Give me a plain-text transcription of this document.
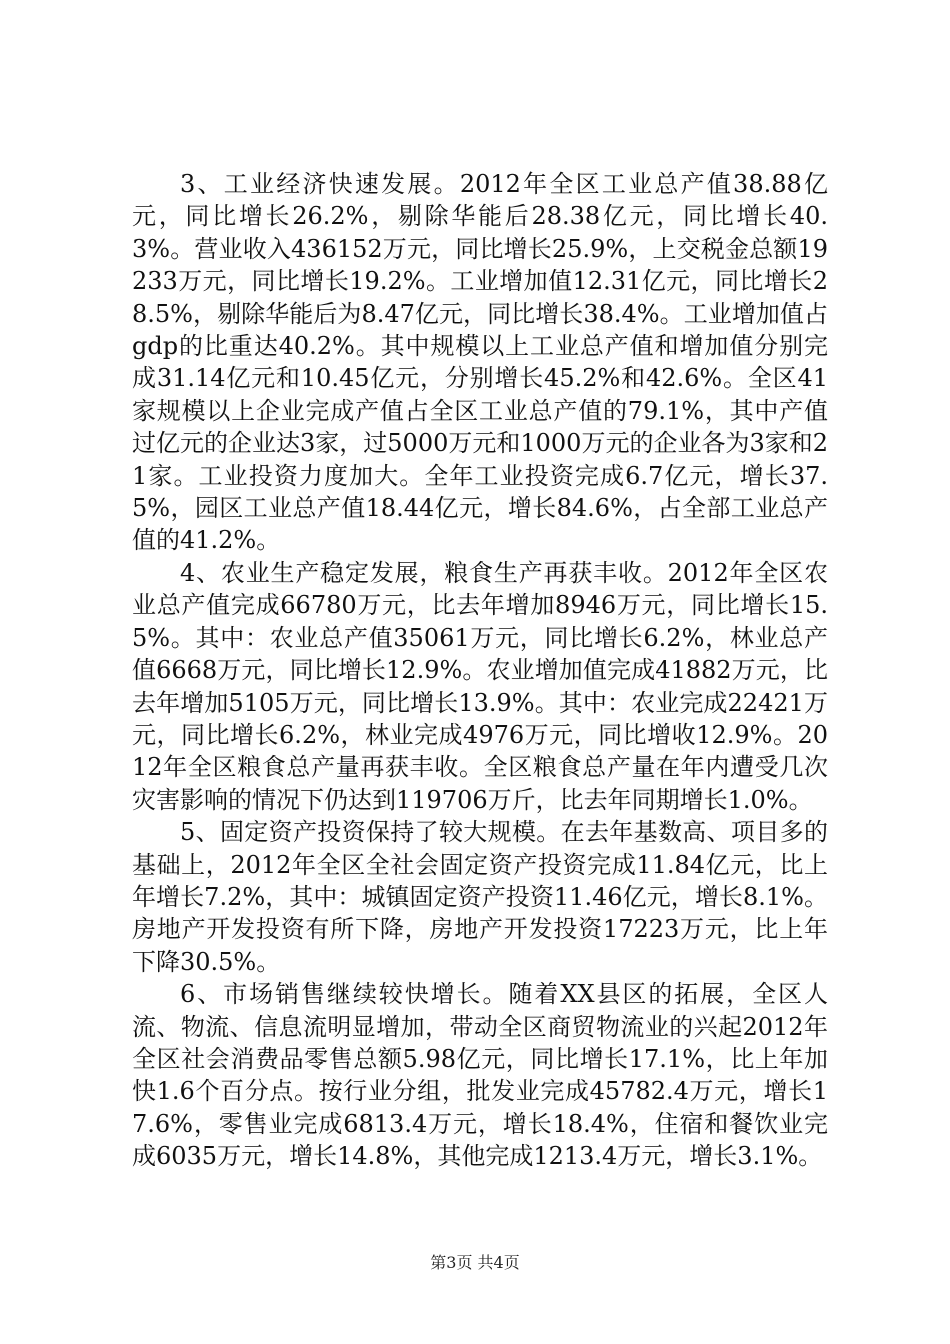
3、工业经济快速发展。2012年全区工业总产值38.88亿元，同比增长26.2%，剔除华能后28.38亿元，同比增长40.3%。营业收入436152万元，同比增长25.9%，上交税金总额19233万元，同比增长19.2%。工业增加值12.31亿元，同比增长28.5%，剔除华能后为8.47亿元，同比增长38.4%。工业增加值占gdp的比重达40.2%。其中规模以上工业总产值和增加值分别完成31.14亿元和10.45亿元，分别增长45.2%和42.6%。全区41家规模以上企业完成产值占全区工业总产值的79.1%，其中产值过亿元的企业达3家，过5000万元和1000万元的企业各为3家和21家。工业投资力度加大。全年工业投资完成6.7亿元，增长37.5%，园区工业总产值18.44亿元，增长84.6%，占全部工业总产值的41.2%。

4、农业生产稳定发展，粮食生产再获丰收。2012年全区农业总产值完成66780万元，比去年增加8946万元，同比增长15.5%。其中：农业总产值35061万元，同比增长6.2%，林业总产值6668万元，同比增长12.9%。农业增加值完成41882万元，比去年增加5105万元，同比增长13.9%。其中：农业完成22421万元，同比增长6.2%，林业完成4976万元，同比增收12.9%。2012年全区粮食总产量再获丰收。全区粮食总产量在年内遭受几次灾害影响的情况下仍达到119706万斤，比去年同期增长1.0%。

5、固定资产投资保持了较大规模。在去年基数高、项目多的基础上，2012年全区全社会固定资产投资完成11.84亿元，比上年增长7.2%，其中：城镇固定资产投资11.46亿元，增长8.1%。房地产开发投资有所下降，房地产开发投资17223万元，比上年下降30.5%。

6、市场销售继续较快增长。随着XX县区的拓展，全区人流、物流、信息流明显增加，带动全区商贸物流业的兴起2012年全区社会消费品零售总额5.98亿元，同比增长17.1%，比上年加快1.6个百分点。按行业分组，批发业完成45782.4万元，增长17.6%，零售业完成6813.4万元，增长18.4%，住宿和餐饮业完成6035万元，增长14.8%，其他完成1213.4万元，增长3.1%。

第3页 共4页
